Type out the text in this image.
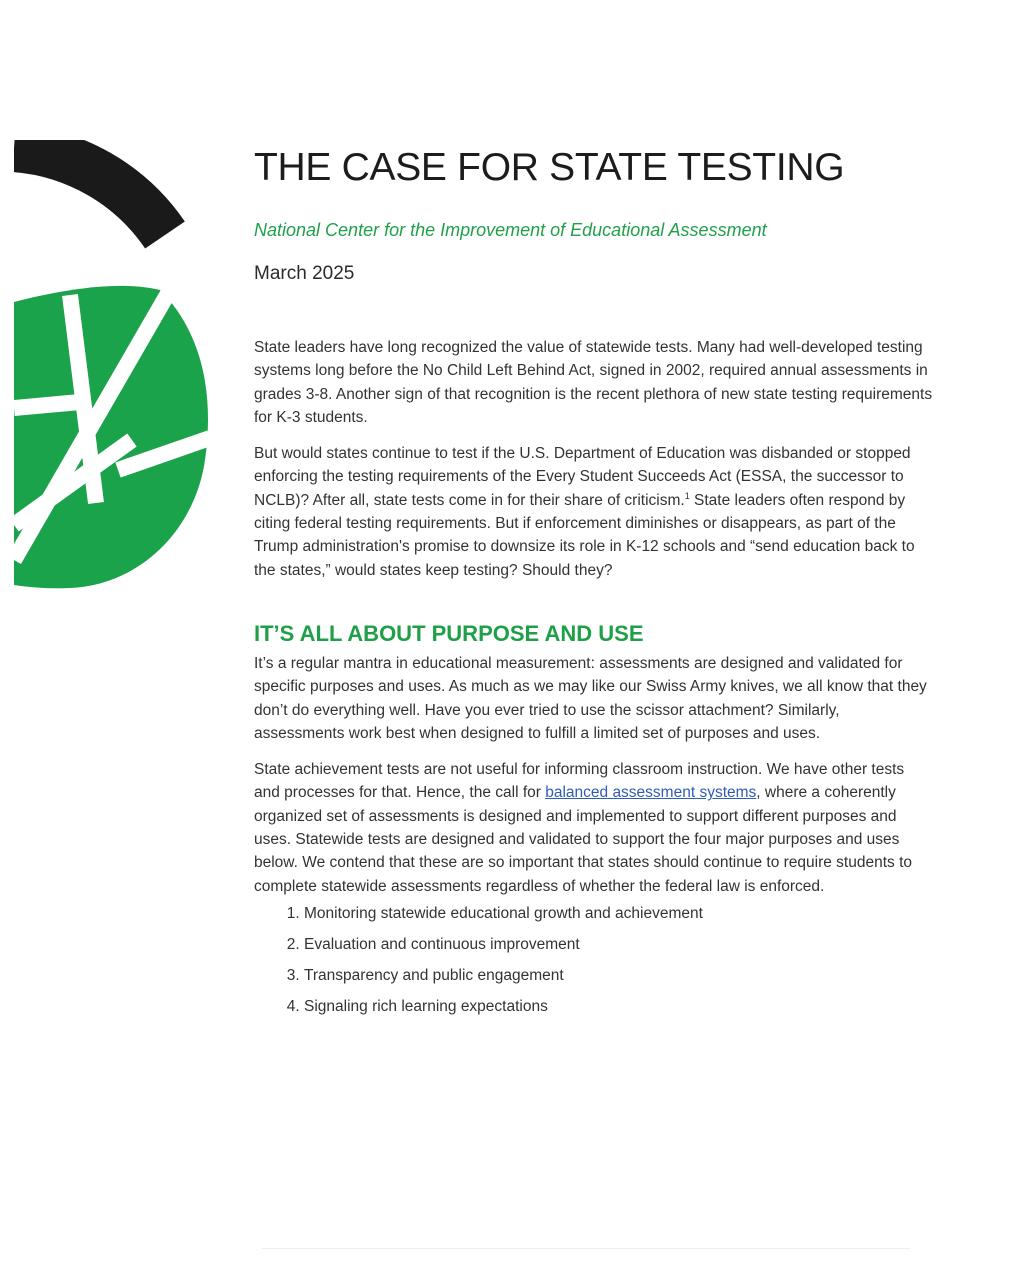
THE CASE FOR STATE TESTING
National Center for the Improvement of Educational Assessment
March 2025

State leaders have long recognized the value of statewide tests. Many had well-developed testing systems long before the No Child Left Behind Act, signed in 2002, required annual assessments in grades 3-8. Another sign of that recognition is the recent plethora of new state testing requirements for K-3 students.

But would states continue to test if the U.S. Department of Education was disbanded or stopped enforcing the testing requirements of the Every Student Succeeds Act (ESSA, the successor to NCLB)? After all, state tests come in for their share of criticism.$^1$ State leaders often respond by citing federal testing requirements. But if enforcement diminishes or disappears, as part of the Trump administration's promise to downsize its role in K-12 schools and “send education back to the states,” would states keep testing? Should they?

IT’S ALL ABOUT PURPOSE AND USE

It’s a regular mantra in educational measurement: assessments are designed and validated for specific purposes and uses. As much as we may like our Swiss Army knives, we all know that they don’t do everything well. Have you ever tried to use the scissor attachment? Similarly, assessments work best when designed to fulfill a limited set of purposes and uses.

State achievement tests are not useful for informing classroom instruction. We have other tests and processes for that. Hence, the call for balanced assessment systems, where a coherently organized set of assessments is designed and implemented to support different purposes and uses. Statewide tests are designed and validated to support the four major purposes and uses below. We contend that these are so important that states should continue to require students to complete statewide assessments regardless of whether the federal law is enforced.

1. Monitoring statewide educational growth and achievement
2. Evaluation and continuous improvement
3. Transparency and public engagement
4. Signaling rich learning expectations
